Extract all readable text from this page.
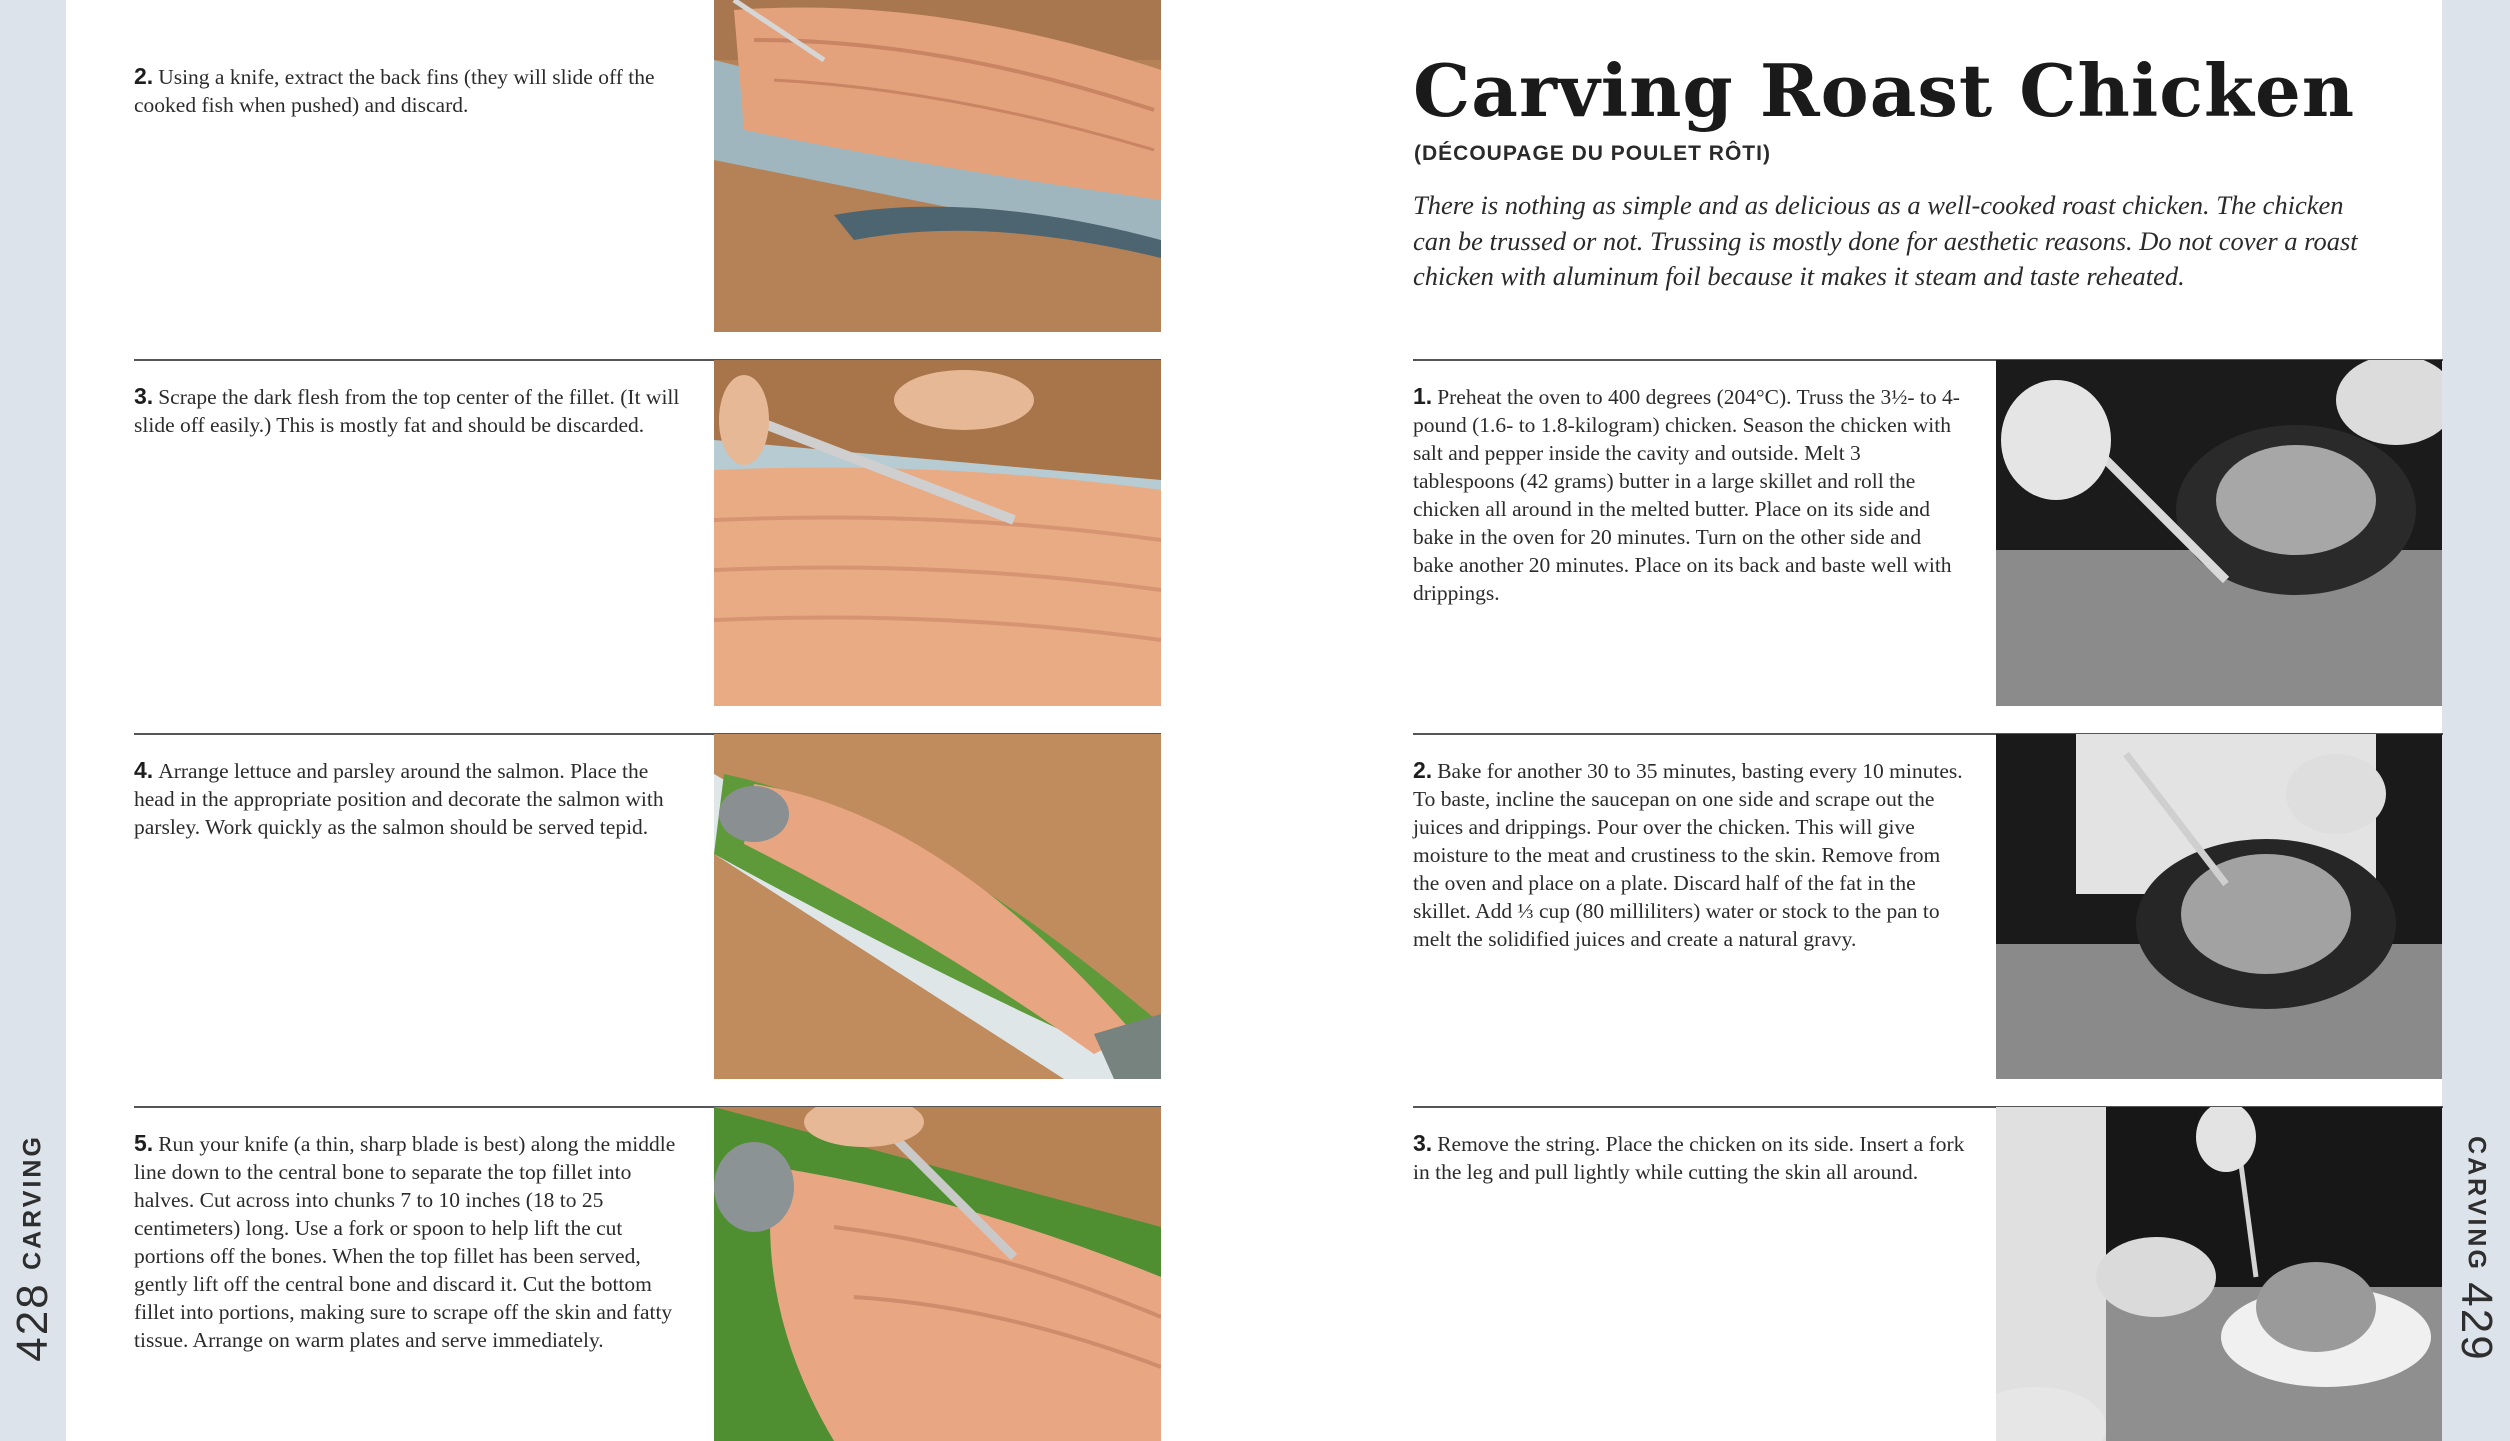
CARVING
428
CARVING
429
2. Using a knife, extract the back fins (they will slide off the cooked fish when pushed) and discard.
3. Scrape the dark flesh from the top center of the fillet. (It will slide off easily.) This is mostly fat and should be discarded.
4. Arrange lettuce and parsley around the salmon. Place the head in the appropriate position and decorate the salmon with parsley. Work quickly as the salmon should be served tepid.
5. Run your knife (a thin, sharp blade is best) along the middle line down to the central bone to separate the top fillet into halves. Cut across into chunks 7 to 10 inches (18 to 25 centimeters) long. Use a fork or spoon to help lift the cut portions off the bones. When the top fillet has been served, gently lift off the central bone and discard it. Cut the bottom fillet into portions, making sure to scrape off the skin and fatty tissue. Arrange on warm plates and serve immediately.
Carving Roast Chicken
(DÉCOUPAGE DU POULET RÔTI)
There is nothing as simple and as delicious as a well-cooked roast chicken. The chicken can be trussed or not. Trussing is mostly done for aesthetic reasons. Do not cover a roast chicken with aluminum foil because it makes it steam and taste reheated.
1. Preheat the oven to 400 degrees (204°C). Truss the 3½- to 4-pound (1.6- to 1.8-kilogram) chicken. Season the chicken with salt and pepper inside the cavity and outside. Melt 3 tablespoons (42 grams) butter in a large skillet and roll the chicken all around in the melted butter. Place on its side and bake in the oven for 20 minutes. Turn on the other side and bake another 20 minutes. Place on its back and baste well with drippings.
2. Bake for another 30 to 35 minutes, basting every 10 minutes. To baste, incline the saucepan on one side and scrape out the juices and drippings. Pour over the chicken. This will give moisture to the meat and crustiness to the skin. Remove from the oven and place on a plate. Discard half of the fat in the skillet. Add ⅓ cup (80 milliliters) water or stock to the pan to melt the solidified juices and create a natural gravy.
3. Remove the string. Place the chicken on its side. Insert a fork in the leg and pull lightly while cutting the skin all around.
